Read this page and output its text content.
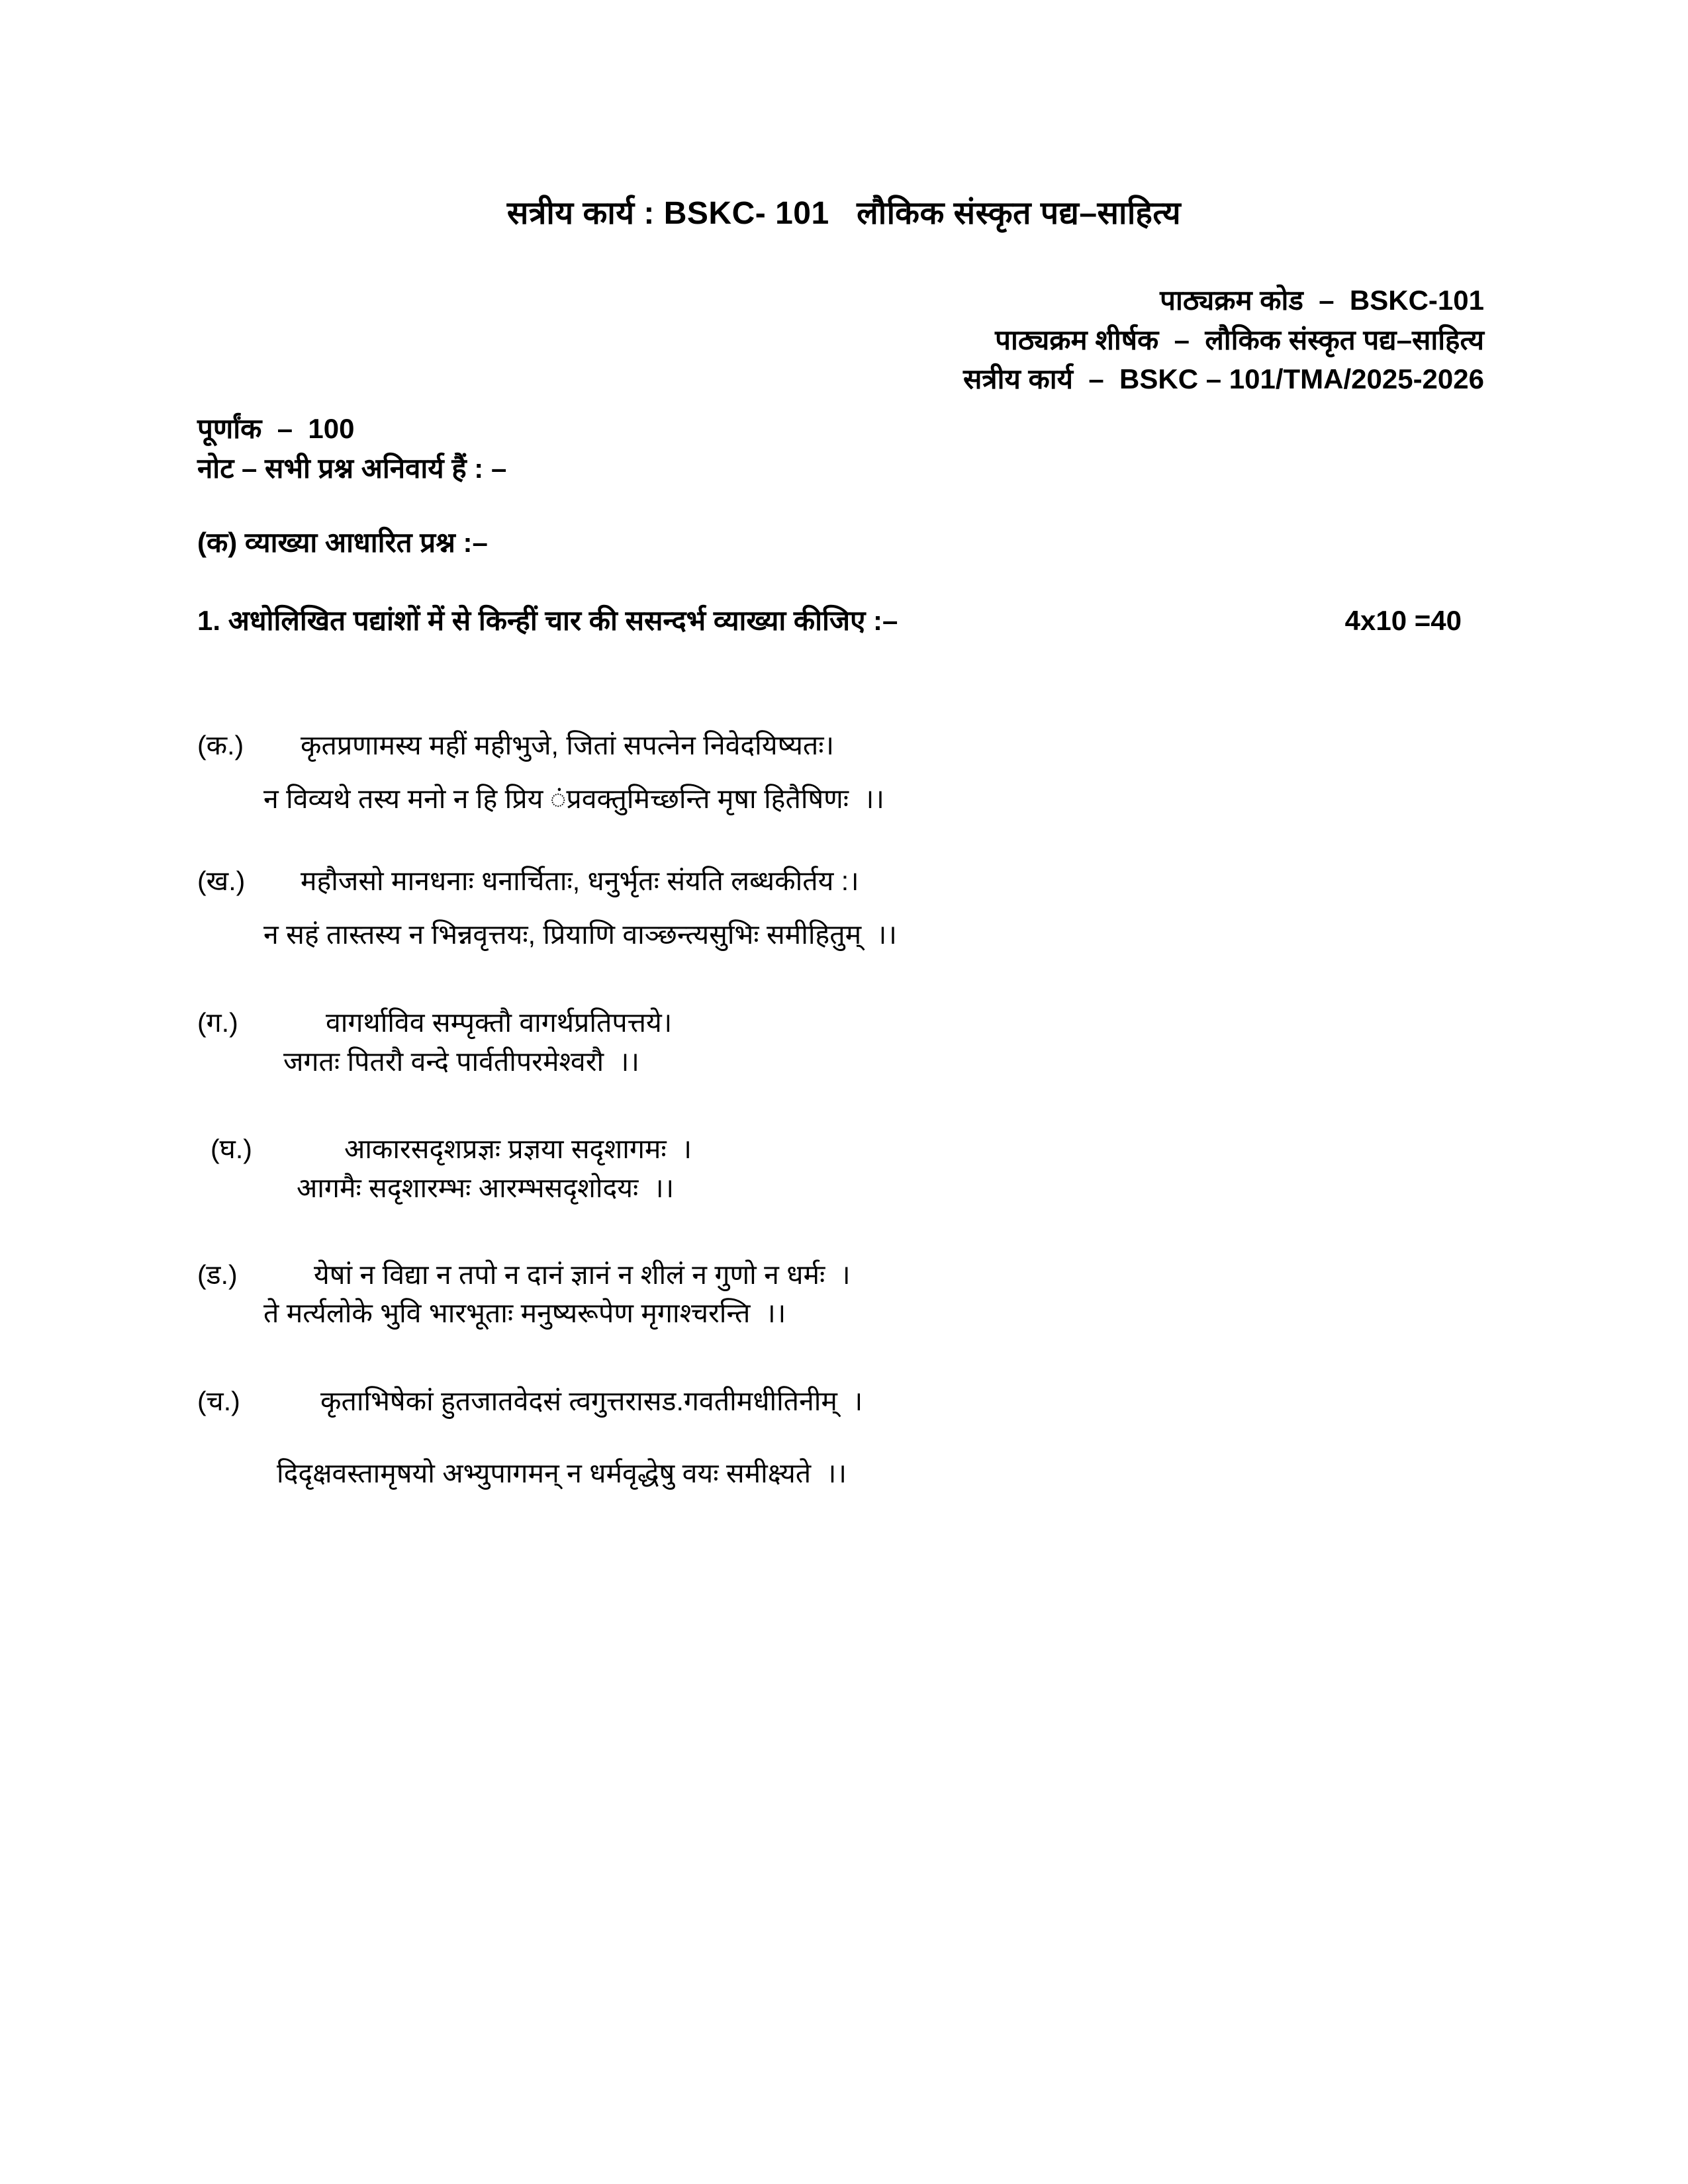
सत्रीय कार्य : BSKC- 101   लौकिक संस्कृत पद्य–साहित्य
पाठ्यक्रम कोड  –  BSKC-101
पाठ्यक्रम शीर्षक  –  लौकिक संस्कृत पद्य–साहित्य
सत्रीय कार्य  –  BSKC – 101/TMA/2025-2026
पूर्णांक  –  100
नोट – सभी प्रश्न अनिवार्य हैं : –
(क) व्याख्या आधारित प्रश्न :–
1. अधोलिखित पद्यांशों में से किन्हीं चार की ससन्दर्भ व्याख्या कीजिए :–	4x10 =40
(क.)	कृतप्रणामस्य महीं महीभुजे, जितां सपत्नेन निवेदयिष्यतः।
न विव्यथे तस्य मनो न हि प्रिय ंप्रवक्तुमिच्छन्ति मृषा हितैषिणः  ।।
(ख.)	महौजसो मानधनाः धनार्चिताः, धनुर्भृतः संयति लब्धकीर्तय :।
न सहं तास्तस्य न भिन्नवृत्तयः, प्रियाणि वाञ्छन्त्यसुभिः समीहितुम्  ।।
(ग.)	वागर्थाविव सम्पृक्तौ वागर्थप्रतिपत्तये।
जगतः पितरौ वन्दे पार्वतीपरमेश्वरौ  ।।
(घ.)	आकारसदृशप्रज्ञः प्रज्ञया सदृशागमः  ।
आगमैः सदृशारम्भः आरम्भसदृशोदयः  ।।
(ड.)	येषां न विद्या न तपो न दानं ज्ञानं न शीलं न गुणो न धर्मः  ।
ते मर्त्यलोके भुवि भारभूताः मनुष्यरूपेण मृगाश्चरन्ति  ।।
(च.)	कृताभिषेकां हुतजातवेदसं त्वगुत्तरासड.गवतीमधीतिनीम्  ।
दिदृक्षवस्तामृषयो अभ्युपागमन् न धर्मवृद्धेषु वयः समीक्ष्यते  ।।
